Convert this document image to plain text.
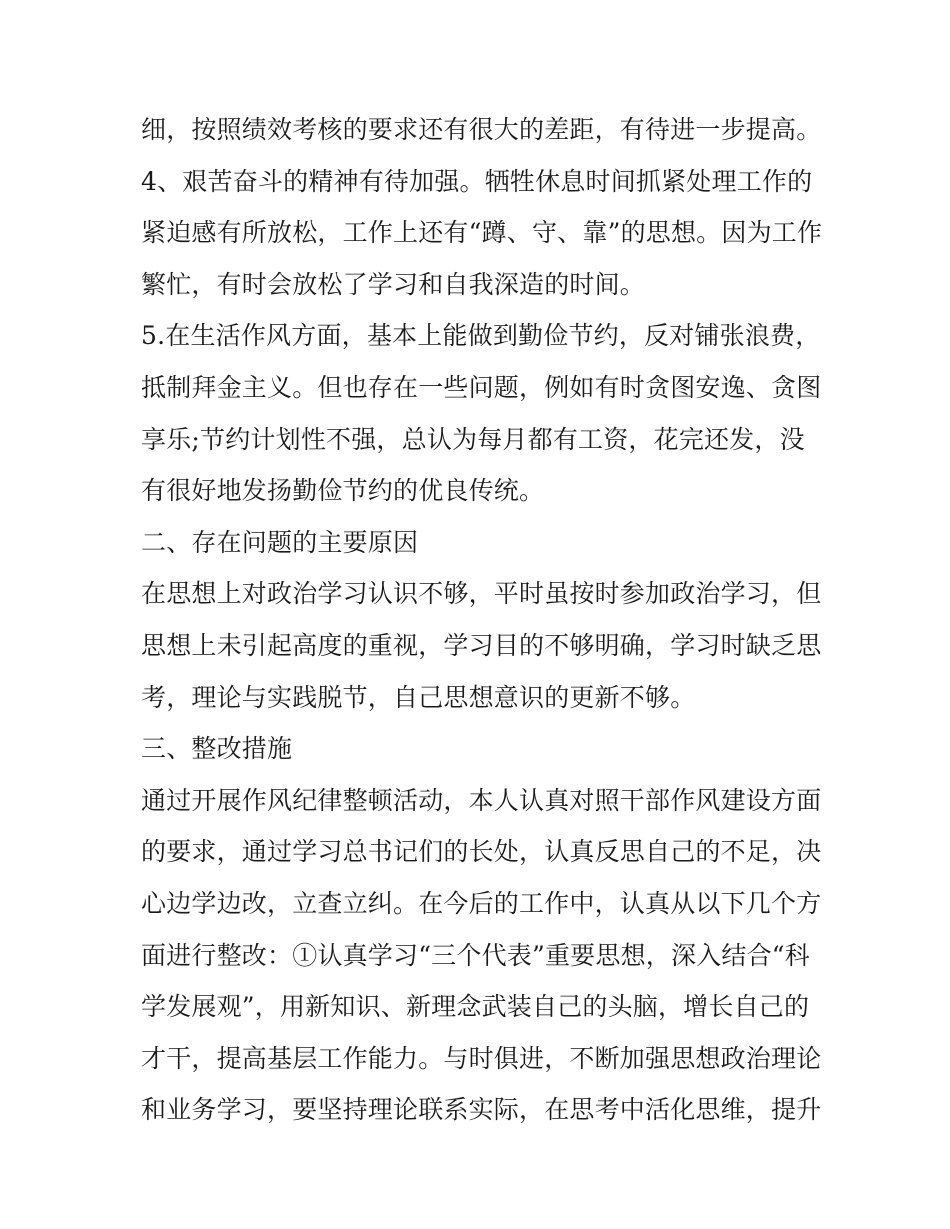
细，按照绩效考核的要求还有很大的差距，有待进一步提高。
4、艰苦奋斗的精神有待加强。牺牲休息时间抓紧处理工作的
紧迫感有所放松，工作上还有“蹲、守、靠”的思想。因为工作
繁忙，有时会放松了学习和自我深造的时间。
5.在生活作风方面，基本上能做到勤俭节约，反对铺张浪费，
抵制拜金主义。但也存在一些问题，例如有时贪图安逸、贪图
享乐;节约计划性不强，总认为每月都有工资，花完还发，没
有很好地发扬勤俭节约的优良传统。
二、存在问题的主要原因
在思想上对政治学习认识不够，平时虽按时参加政治学习，但
思想上未引起高度的重视，学习目的不够明确，学习时缺乏思
考，理论与实践脱节，自己思想意识的更新不够。
三、整改措施
通过开展作风纪律整顿活动，本人认真对照干部作风建设方面
的要求，通过学习总书记们的长处，认真反思自己的不足，决
心边学边改，立查立纠。在今后的工作中，认真从以下几个方
面进行整改：①认真学习“三个代表”重要思想，深入结合“科
学发展观”，用新知识、新理念武装自己的头脑，增长自己的
才干，提高基层工作能力。与时俱进，不断加强思想政治理论
和业务学习，要坚持理论联系实际，在思考中活化思维，提升
